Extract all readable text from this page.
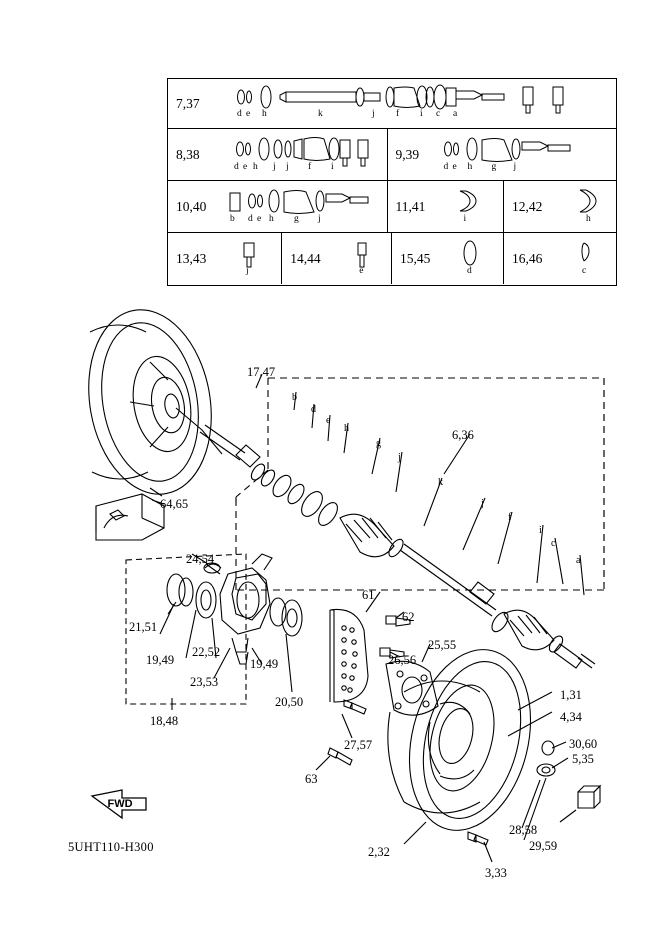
7,37
d e h	k	j f i c a
8,38
d e h j j f i
9,39
d e h g j
10,40
b d e h g j
11,41
i
12,42
h
13,43
j
14,44
e
15,45
d
16,46
c
FWD
17,47
6,36
64,65
24,54
21,51
19,49
22,52
23,53
19,49
20,50
18,48
61
62
26,56
25,55
27,57
63
1,31
4,34
30,60
5,35
28,58
29,59
3,33
2,32
b
d
e
h
g
j
k
j
f
i
c
a
5UHT110-H300
